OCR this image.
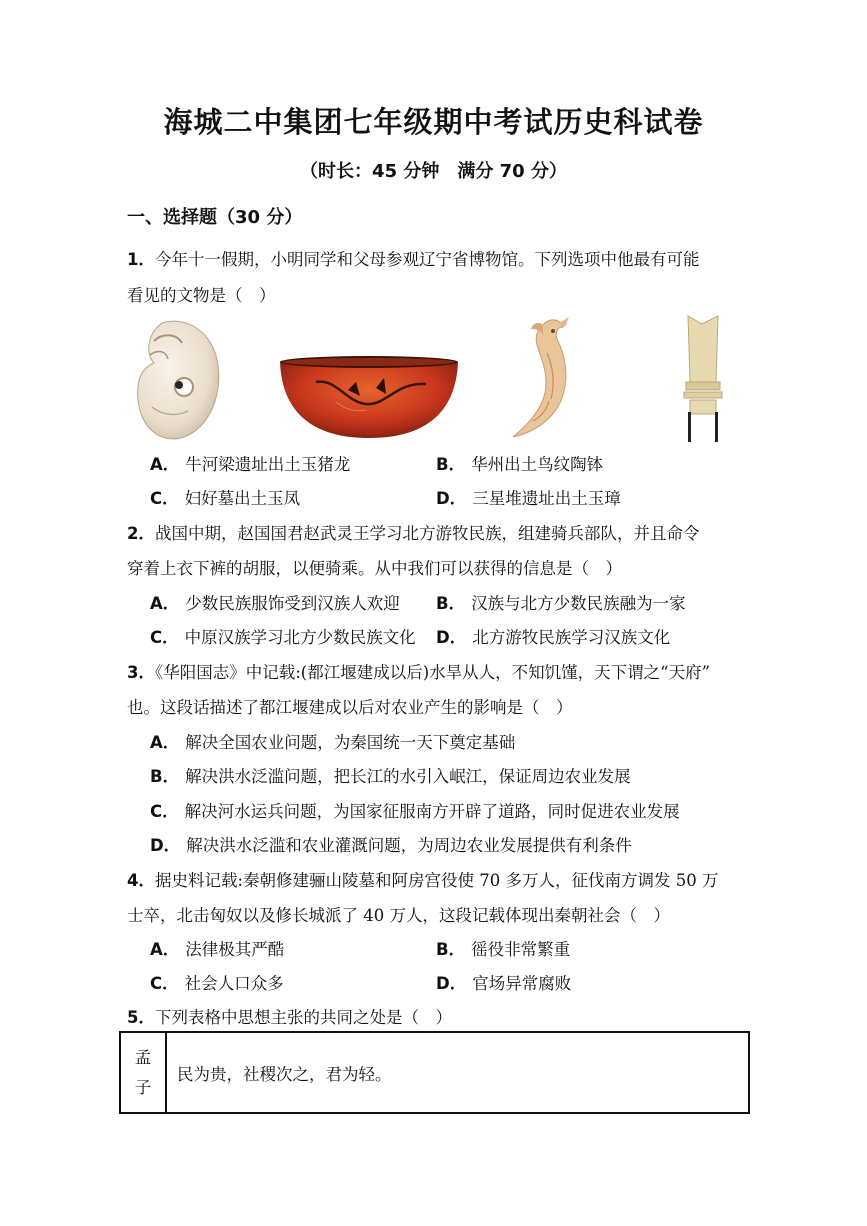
海城二中集团七年级期中考试历史科试卷
（时长：45 分钟　满分 70 分）
一、选择题（30 分）
1．今年十一假期，小明同学和父母参观辽宁省博物馆。下列选项中他最有可能
看见的文物是（　）
A． 牛河梁遗址出土玉猪龙	B． 华州出土鸟纹陶钵
C． 妇好墓出土玉凤	D． 三星堆遗址出土玉璋
2．战国中期，赵国国君赵武灵王学习北方游牧民族，组建骑兵部队，并且命令
穿着上衣下裤的胡服，以便骑乘。从中我们可以获得的信息是（　）
A． 少数民族服饰受到汉族人欢迎 B． 汉族与北方少数民族融为一家
C． 中原汉族学习北方少数民族文化 D． 北方游牧民族学习汉族文化
3．《华阳国志》中记载:(都江堰建成以后)水旱从人，不知饥馑，天下谓之“天府”
也。这段话描述了都江堰建成以后对农业产生的影响是（　）
A． 解决全国农业问题，为秦国统一天下奠定基础
B． 解决洪水泛滥问题，把长江的水引入岷江，保证周边农业发展
C． 解决河水运兵问题，为国家征服南方开辟了道路，同时促进农业发展
D． 解决洪水泛滥和农业灌溉问题，为周边农业发展提供有利条件
4．据史料记载:秦朝修建骊山陵墓和阿房宫役使 70 多万人，征伐南方调发 50 万
士卒，北击匈奴以及修长城派了 40 万人，这段记载体现出秦朝社会（　）
A． 法律极其严酷	B． 徭役非常繁重
C． 社会人口众多	D． 官场异常腐败
5．下列表格中思想主张的共同之处是（　）
孟
子
	民为贵，社稷次之，君为轻。
